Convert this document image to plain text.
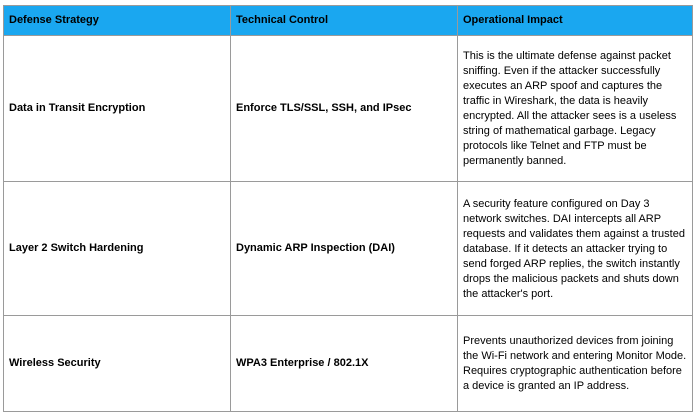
Defense Strategy	Technical Control	Operational Impact
Data in Transit Encryption	Enforce TLS/SSL, SSH, and IPsec	This is the ultimate defense against packet sniffing. Even if the attacker successfully executes an ARP spoof and captures the traffic in Wireshark, the data is heavily encrypted. All the attacker sees is a useless string of mathematical garbage. Legacy protocols like Telnet and FTP must be permanently banned.
Layer 2 Switch Hardening	Dynamic ARP Inspection (DAI)	A security feature configured on Day 3 network switches. DAI intercepts all ARP requests and validates them against a trusted database. If it detects an attacker trying to send forged ARP replies, the switch instantly drops the malicious packets and shuts down the attacker's port.
Wireless Security	WPA3 Enterprise / 802.1X	Prevents unauthorized devices from joining the Wi-Fi network and entering Monitor Mode. Requires cryptographic authentication before a device is granted an IP address.
